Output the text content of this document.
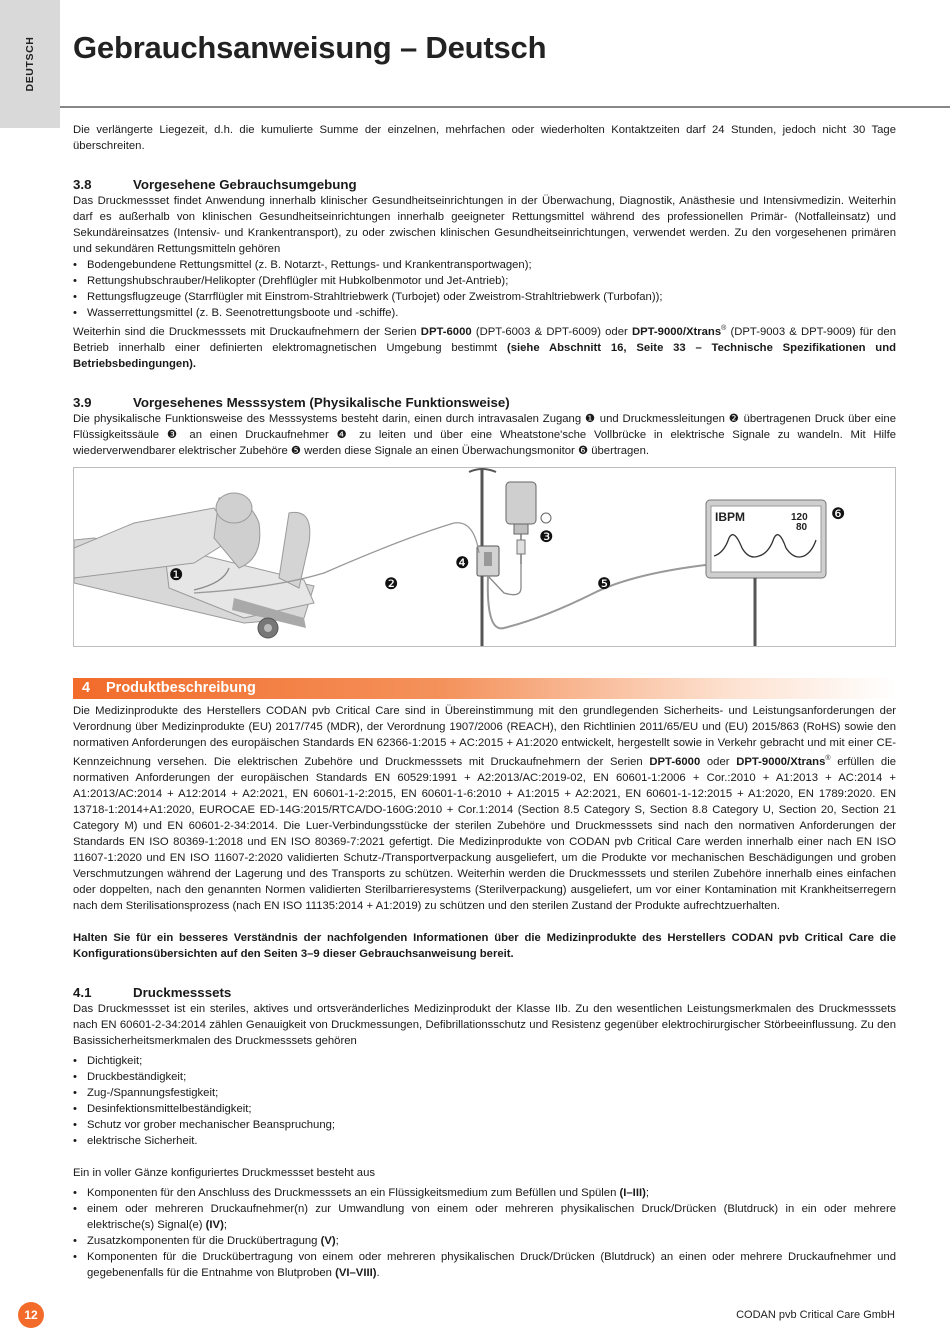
DEUTSCH Gebrauchsanweisung – Deutsch

Die verlängerte Liegezeit, d.h. die kumulierte Summe der einzelnen, mehrfachen oder wiederholten Kontaktzeiten darf 24 Stunden, jedoch nicht 30 Tage überschreiten.

3.8	Vorgesehene Gebrauchsumgebung

Das Druckmessset findet Anwendung innerhalb klinischer Gesundheitseinrichtungen in der Überwachung, Diagnostik, Anästhesie und Intensivmedizin. Weiterhin darf es außerhalb von klinischen Gesundheitseinrichtungen innerhalb geeigneter Rettungsmittel während des professionellen Primär- (Notfalleinsatz) und Sekundäreinsatzes (Intensiv- und Krankentransport), zu oder zwischen klinischen Gesundheitseinrichtungen, verwendet werden. Zu den vorgesehenen primären und sekundären Rettungsmitteln gehören

• Bodengebundene Rettungsmittel (z. B. Notarzt-, Rettungs- und Krankentransportwagen);
• Rettungshubschrauber/Helikopter (Drehflügler mit Hubkolbenmotor und Jet-Antrieb);
• Rettungsflugzeuge (Starrflügler mit Einstrom-Strahltriebwerk (Turbojet) oder Zweistrom-Strahltriebwerk (Turbofan));
• Wasserrettungsmittel (z. B. Seenotrettungsboote und -schiffe).

Weiterhin sind die Druckmesssets mit Druckaufnehmern der Serien DPT-6000 (DPT-6003 & DPT-6009) oder DPT-9000/Xtrans® (DPT-9003 & DPT-9009) für den Betrieb innerhalb einer definierten elektromagnetischen Umgebung bestimmt (siehe Abschnitt 16, Seite 33 – Technische Spezifikationen und Betriebsbedingungen).

3.9	Vorgesehenes Messsystem (Physikalische Funktionsweise)

Die physikalische Funktionsweise des Messsystems besteht darin, einen durch intravasalen Zugang ❶ und Druckmessleitungen ❷ übertragenen Druck über eine Flüssigkeitssäule ❸ an einen Druckaufnehmer ❹ zu leiten und über eine Wheatstone'sche Vollbrücke in elektrische Signale zu wandeln. Mit Hilfe wiederverwendbarer elektrischer Zubehöre ❺ werden diese Signale an einen Überwachungsmonitor ❻ übertragen.

IBPM	120
80
❶	❷
❸
❹
❺
❻
4 Produktbeschreibung

Die Medizinprodukte des Herstellers CODAN pvb Critical Care sind in Übereinstimmung mit den grundlegenden Sicherheits- und Leistungsanforderungen der Verordnung über Medizinprodukte (EU) 2017/745 (MDR), der Verordnung 1907/2006 (REACH), den Richtlinien 2011/65/EU und (EU) 2015/863 (RoHS) sowie den normativen Anforderungen des europäischen Standards EN 62366-1:2015 + AC:2015 + A1:2020 entwickelt, hergestellt sowie in Verkehr gebracht und mit einer CE-Kennzeichnung versehen. Die elektrischen Zubehöre und Druckmesssets mit Druckaufnehmern der Serien DPT-6000 oder DPT-9000/Xtrans® erfüllen die normativen Anforderungen der europäischen Standards EN 60529:1991 + A2:2013/AC:2019-02, EN 60601-1:2006 + Cor.:2010 + A1:2013 + AC:2014 + A1:2013/AC:2014 + A12:2014 + A2:2021, EN 60601-1-2:2015, EN 60601-1-6:2010 + A1:2015 + A2:2021, EN 60601-1-12:2015 + A1:2020, EN 1789:2020. EN 13718-1:2014+A1:2020, EUROCAE ED-14G:2015/RTCA/DO-160G:2010 + Cor.1:2014 (Section 8.5 Category S, Section 8.8 Category U, Section 20, Section 21 Category M) und EN 60601-2-34:2014. Die Luer-Verbindungsstücke der sterilen Zubehöre und Druckmesssets sind nach den normativen Anforderungen der Standards EN ISO 80369-1:2018 und EN ISO 80369-7:2021 gefertigt. Die Medizinprodukte von CODAN pvb Critical Care werden innerhalb einer nach EN ISO 11607-1:2020 und EN ISO 11607-2:2020 validierten Schutz-/Transportverpackung ausgeliefert, um die Produkte vor mechanischen Beschädigungen und groben Verschmutzungen während der Lagerung und des Transports zu schützen. Weiterhin werden die Druckmesssets und sterilen Zubehöre innerhalb eines einfachen oder doppelten, nach den genannten Normen validierten Sterilbarrieresystems (Sterilverpackung) ausgeliefert, um vor einer Kontamination mit Krankheitserregern nach dem Sterilisationsprozess (nach EN ISO 11135:2014 + A1:2019) zu schützen und den sterilen Zustand der Produkte aufrechtzuerhalten.

Halten Sie für ein besseres Verständnis der nachfolgenden Informationen über die Medizinprodukte des Herstellers CODAN pvb Critical Care die Konfigurationsübersichten auf den Seiten 3–9 dieser Gebrauchsanweisung bereit.

4.1	Druckmesssets

Das Druckmessset ist ein steriles, aktives und ortsveränderliches Medizinprodukt der Klasse IIb. Zu den wesentlichen Leistungsmerkmalen des Druckmesssets nach EN 60601-2-34:2014 zählen Genauigkeit von Druckmessungen, Defibrillationsschutz und Resistenz gegenüber elektrochirurgischer Störbeeinflussung. Zu den Basissicherheitsmerkmalen des Druckmesssets gehören

• Dichtigkeit;
• Druckbeständigkeit;
• Zug-/Spannungsfestigkeit;
• Desinfektionsmittelbeständigkeit;
• Schutz vor grober mechanischer Beanspruchung;
• elektrische Sicherheit.

Ein in voller Gänze konfiguriertes Druckmessset besteht aus

• Komponenten für den Anschluss des Druckmesssets an ein Flüssigkeitsmedium zum Befüllen und Spülen (I–III);
• einem oder mehreren Druckaufnehmer(n) zur Umwandlung von einem oder mehreren physikalischen Druck/Drücken (Blutdruck) in ein oder mehrere elektrische(s) Signal(e) (IV);
• Zusatzkomponenten für die Druckübertragung (V);
• Komponenten für die Druckübertragung von einem oder mehreren physikalischen Druck/Drücken (Blutdruck) an einen oder mehrere Druckaufnehmer und gegebenenfalls für die Entnahme von Blutproben (VI–VIII).
12	CODAN pvb Critical Care GmbH
